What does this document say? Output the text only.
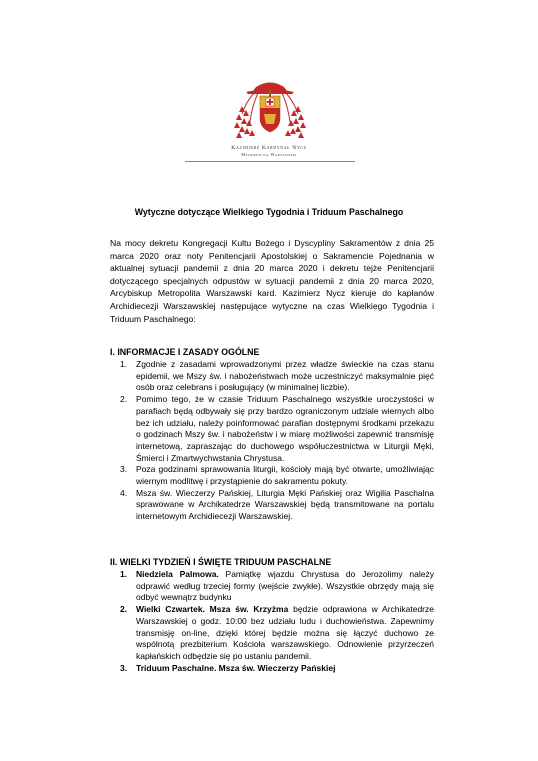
Kazimierz Kardynał Nycz
Metropolita Warszawski
Wytyczne dotyczące Wielkiego Tygodnia i Triduum Paschalnego

Na mocy dekretu Kongregacji Kultu Bożego i Dyscypliny Sakramentów z dnia 25 marca 2020 oraz noty Penitencjarii Apostolskiej o Sakramencie Pojednania w aktualnej sytuacji pandemii z dnia 20 marca 2020 i dekretu tejże Penitencjarii dotyczącego specjalnych odpustów w sytuacji pandemii z dnia 20 marca 2020, Arcybiskup Metropolita Warszawski kard. Kazimierz Nycz kieruje do kapłanów Archidiecezji Warszawskiej następujące wytyczne na czas Wielkiego Tygodnia i Triduum Paschalnego:

I. INFORMACJE I ZASADY OGÓLNE
1. Zgodnie z zasadami wprowadzonymi przez władze świeckie na czas stanu epidemii, we Mszy św. i nabożeństwach może uczestniczyć maksymalnie pięć osób oraz celebrans i posługujący (w minimalnej liczbie).
2. Pomimo tego, że w czasie Triduum Paschalnego wszystkie uroczystości w parafiach będą odbywały się przy bardzo ograniczonym udziale wiernych albo bez ich udziału, należy poinformować parafian dostępnymi środkami przekazu o godzinach Mszy św. i nabożeństw i w miarę możliwości zapewnić transmisję internetową, zapraszając do duchowego współuczestnictwa w Liturgii Męki, Śmierci i Zmartwychwstania Chrystusa.
3. Poza godzinami sprawowania liturgii, kościoły mają być otwarte, umożliwiając wiernym modlitwę i przystąpienie do sakramentu pokuty.
4. Msza św. Wieczerzy Pańskiej, Liturgia Męki Pańskiej oraz Wigilia Paschalna sprawowane w Archikatedrze Warszawskiej będą transmitowane na portalu internetowym Archidiecezji Warszawskiej.
II. WIELKI TYDZIEŃ I ŚWIĘTE TRIDUUM PASCHALNE
1. Niedziela Palmowa. Pamiątkę wjazdu Chrystusa do Jerozolimy należy odprawić według trzeciej formy (wejście zwykłe). Wszystkie obrzędy mają się odbyć wewnątrz budynku
2. Wielki Czwartek. Msza św. Krzyżma będzie odprawiona w Archikatedrze Warszawskiej o godz. 10:00 bez udziału ludu i duchowieństwa. Zapewnimy transmisję on-line, dzięki której będzie można się łączyć duchowo ze wspólnotą prezbiterium Kościoła warszawskiego. Odnowienie przyrzeczeń kapłańskich odbędzie się po ustaniu pandemii.
3. Triduum Paschalne. Msza św. Wieczerzy Pańskiej
